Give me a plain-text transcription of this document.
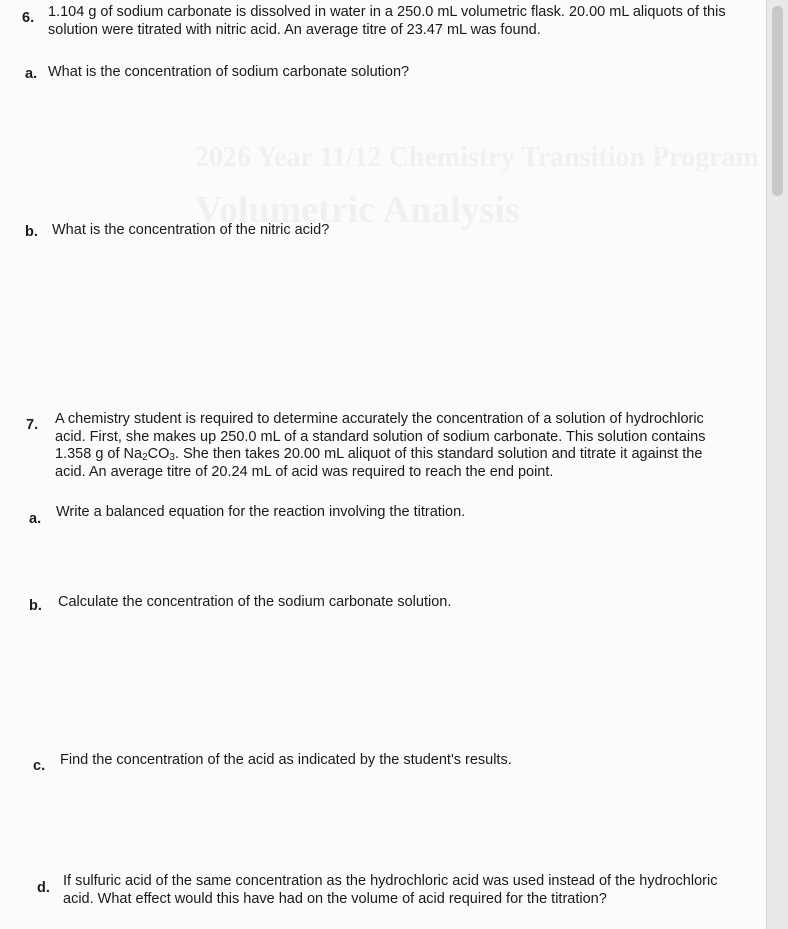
2026 Year 11/12 Chemistry Transition Program
Volumetric Analysis
6. 1.104 g of sodium carbonate is dissolved in water in a 250.0 mL volumetric flask. 20.00 mL aliquots of this solution were titrated with nitric acid. An average titre of 23.47 mL was found.
a. What is the concentration of sodium carbonate solution?
b. What is the concentration of the nitric acid?
7. A chemistry student is required to determine accurately the concentration of a solution of hydrochloric
acid. First, she makes up 250.0 mL of a standard solution of sodium carbonate. This solution contains
1.358 g of $Na_2CO_3$. She then takes 20.00 mL aliquot of this standard solution and titrate it against the
acid. An average titre of 20.24 mL of acid was required to reach the end point.
a. Write a balanced equation for the reaction involving the titration.
b. Calculate the concentration of the sodium carbonate solution.
c. Find the concentration of the acid as indicated by the student's results.
d. If sulfuric acid of the same concentration as the hydrochloric acid was used instead of the hydrochloric acid. What effect would this have had on the volume of acid required for the titration?
